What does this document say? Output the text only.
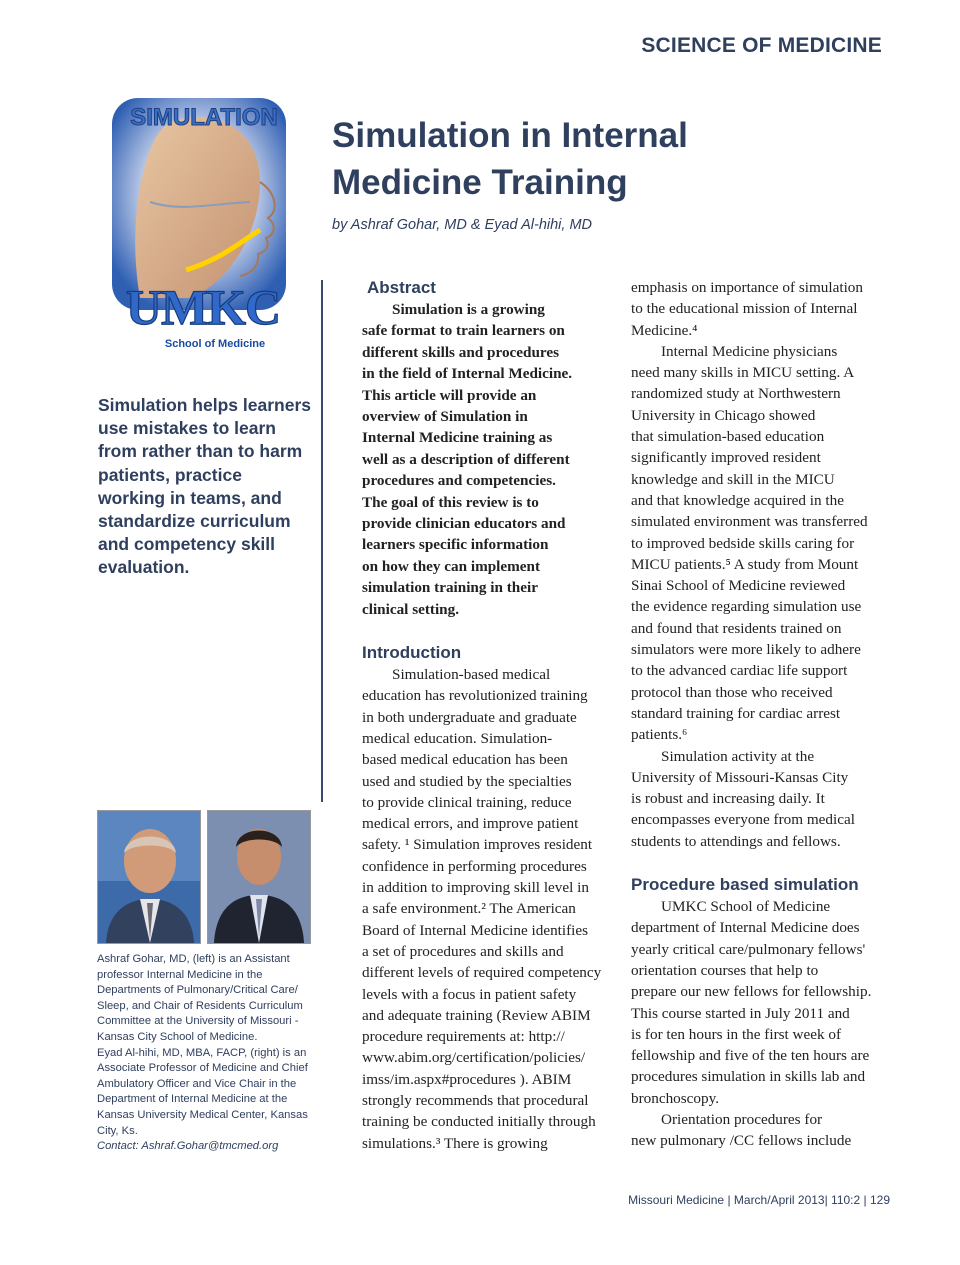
SCIENCE OF MEDICINE
SIMULATION
UMKC
School of Medicine
Simulation in Internal
Medicine Training
by Ashraf Gohar, MD & Eyad Al-hihi, MD
Simulation helps learners use mistakes to learn from rather than to harm patients, practice working in teams, and standardize curriculum and competency skill evaluation.

Ashraf Gohar, MD, (left) is an Assistant professor Internal Medicine in the Departments of Pulmonary/Critical Care/ Sleep, and Chair of Residents Curriculum Committee at the University of Missouri - Kansas City School of Medicine.

Eyad Al-hihi, MD, MBA, FACP, (right) is an Associate Professor of Medicine and Chief Ambulatory Officer and Vice Chair in the Department of Internal Medicine at the Kansas University Medical Center, Kansas City, Ks.

Contact: Ashraf.Gohar@tmcmed.org

Abstract
Simulation is a growing
safe format to train learners on
different skills and procedures
in the field of Internal Medicine.
This article will provide an
overview of Simulation in
Internal Medicine training as
well as a description of different
procedures and competencies.
The goal of this review is to
provide clinician educators and
learners specific information
on how they can implement
simulation training in their
clinical setting.
Introduction
Simulation-based medical
education has revolutionized training
in both undergraduate and graduate
medical education. Simulation-
based medical education has been
used and studied by the specialties
to provide clinical training, reduce
medical errors, and improve patient
safety. ¹ Simulation improves resident
confidence in performing procedures
in addition to improving skill level in
a safe environment.² The American
Board of Internal Medicine identifies
a set of procedures and skills and
different levels of required competency
levels with a focus in patient safety
and adequate training (Review ABIM
procedure requirements at: http://
www.abim.org/certification/policies/
imss/im.aspx#procedures ). ABIM
strongly recommends that procedural
training be conducted initially through
simulations.³ There is growing
emphasis on importance of simulation
to the educational mission of Internal
Medicine.⁴
Internal Medicine physicians
need many skills in MICU setting. A
randomized study at Northwestern
University in Chicago showed
that simulation-based education
significantly improved resident
knowledge and skill in the MICU
and that knowledge acquired in the
simulated environment was transferred
to improved bedside skills caring for
MICU patients.⁵ A study from Mount
Sinai School of Medicine reviewed
the evidence regarding simulation use
and found that residents trained on
simulators were more likely to adhere
to the advanced cardiac life support
protocol than those who received
standard training for cardiac arrest
patients.⁶
Simulation activity at the
University of Missouri-Kansas City
is robust and increasing daily. It
encompasses everyone from medical
students to attendings and fellows.
Procedure based simulation
UMKC School of Medicine
department of Internal Medicine does
yearly critical care/pulmonary fellows'
orientation courses that help to
prepare our new fellows for fellowship.
This course started in July 2011 and
is for ten hours in the first week of
fellowship and five of the ten hours are
procedures simulation in skills lab and
bronchoscopy.
Orientation procedures for
new pulmonary /CC fellows include
Missouri Medicine | March/April 2013| 110:2 | 129
